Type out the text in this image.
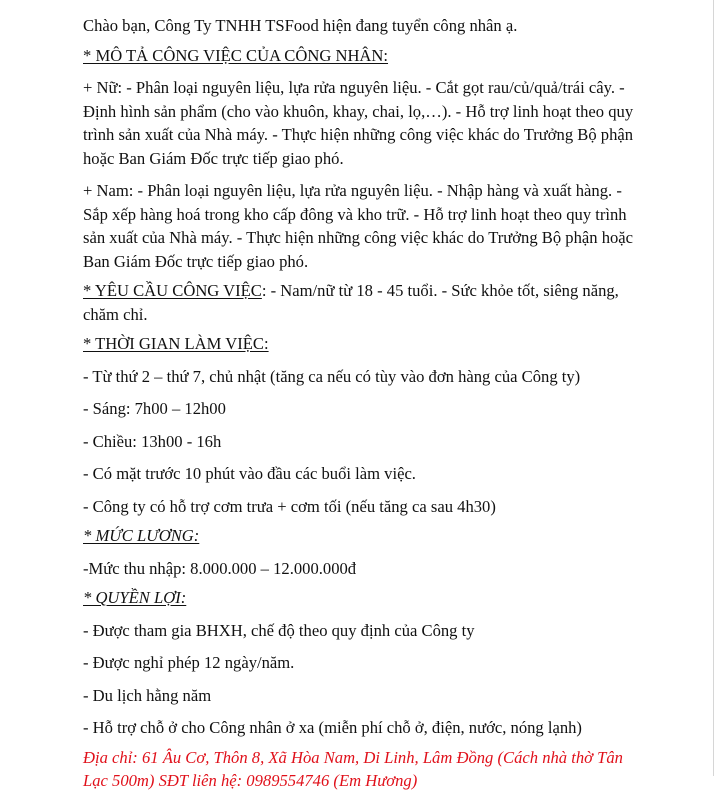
Chào bạn, Công Ty TNHH TSFood hiện đang tuyển công nhân ạ.

* MÔ TẢ CÔNG VIỆC CỦA CÔNG NHÂN:

+ Nữ: - Phân loại nguyên liệu, lựa rửa nguyên liệu. - Cắt gọt rau/củ/quả/trái cây. - Định hình sản phẩm (cho vào khuôn, khay, chai, lọ,…). - Hỗ trợ linh hoạt theo quy trình sản xuất của Nhà máy. - Thực hiện những công việc khác do Trưởng Bộ phận hoặc Ban Giám Đốc trực tiếp giao phó.

+ Nam: - Phân loại nguyên liệu, lựa rửa nguyên liệu. - Nhập hàng và xuất hàng. - Sắp xếp hàng hoá trong kho cấp đông và kho trữ. - Hỗ trợ linh hoạt theo quy trình sản xuất của Nhà máy. - Thực hiện những công việc khác do Trưởng Bộ phận hoặc Ban Giám Đốc trực tiếp giao phó.

* YÊU CẦU CÔNG VIỆC: - Nam/nữ từ 18 - 45 tuổi. - Sức khỏe tốt, siêng năng, chăm chỉ.

* THỜI GIAN LÀM VIỆC:

- Từ thứ 2 – thứ 7, chủ nhật (tăng ca nếu có tùy vào đơn hàng của Công ty)

- Sáng: 7h00 – 12h00

- Chiều: 13h00 - 16h

- Có mặt trước 10 phút vào đầu các buổi làm việc.

- Công ty có hỗ trợ cơm trưa + cơm tối (nếu tăng ca sau 4h30)

* MỨC LƯƠNG:

-Mức thu nhập: 8.000.000 – 12.000.000đ

* QUYỀN LỢI:

- Được tham gia BHXH, chế độ theo quy định của Công ty

- Được nghỉ phép 12 ngày/năm.

- Du lịch hằng năm

- Hỗ trợ chỗ ở cho Công nhân ở xa (miễn phí chỗ ở, điện, nước, nóng lạnh)

Địa chỉ: 61 Âu Cơ, Thôn 8, Xã Hòa Nam, Di Linh, Lâm Đồng (Cách nhà thờ Tân Lạc 500m) SĐT liên hệ: 0989554746 (Em Hương)
